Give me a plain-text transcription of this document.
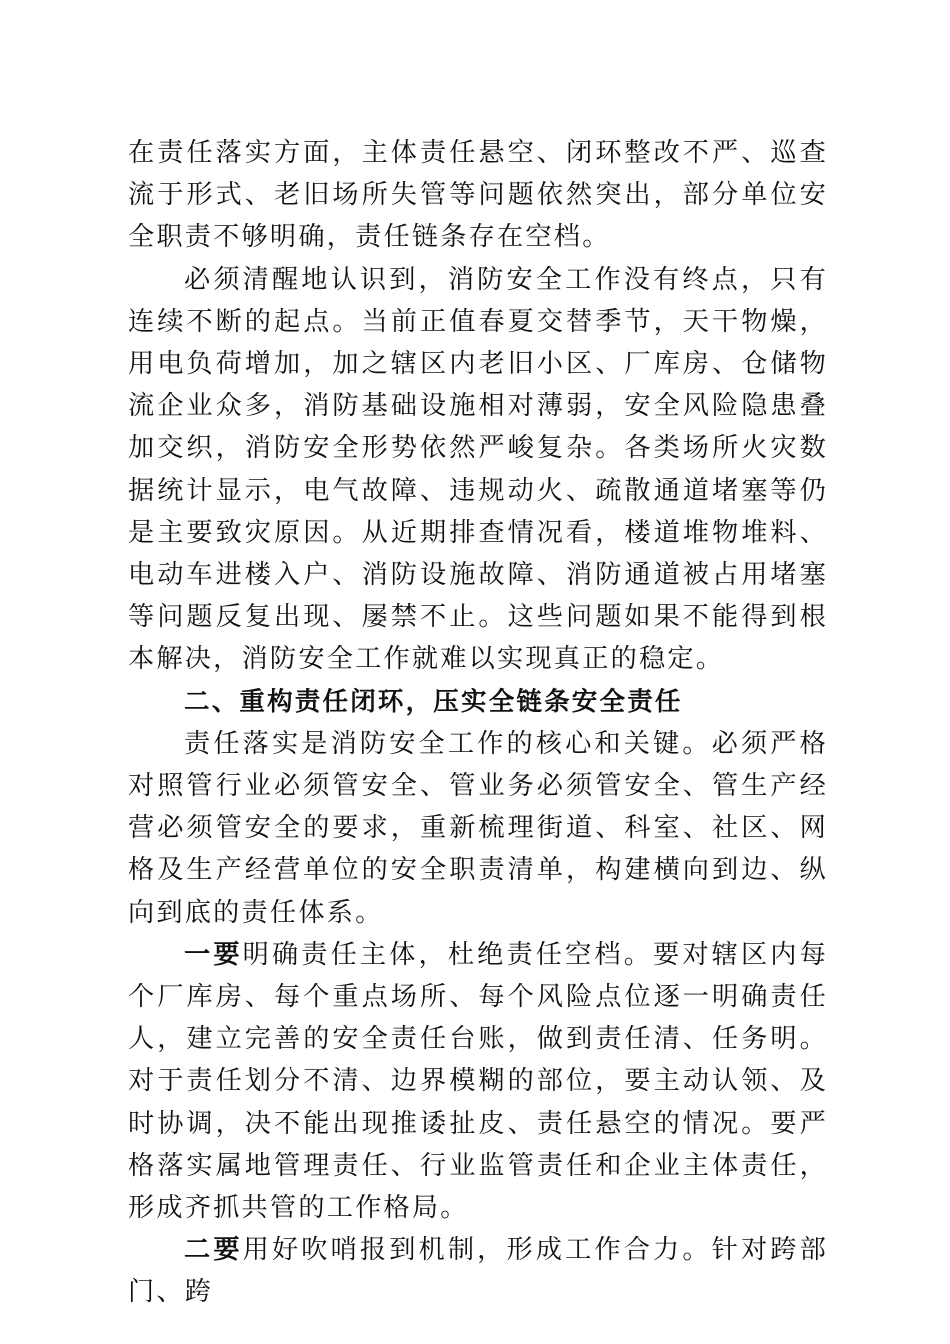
在责任落实方面，主体责任悬空、闭环整改不严、巡查流于形式、老旧场所失管等问题依然突出，部分单位安全职责不够明确，责任链条存在空档。

必须清醒地认识到，消防安全工作没有终点，只有连续不断的起点。当前正值春夏交替季节，天干物燥，用电负荷增加，加之辖区内老旧小区、厂库房、仓储物流企业众多，消防基础设施相对薄弱，安全风险隐患叠加交织，消防安全形势依然严峻复杂。各类场所火灾数据统计显示，电气故障、违规动火、疏散通道堵塞等仍是主要致灾原因。从近期排查情况看，楼道堆物堆料、电动车进楼入户、消防设施故障、消防通道被占用堵塞等问题反复出现、屡禁不止。这些问题如果不能得到根本解决，消防安全工作就难以实现真正的稳定。

二、重构责任闭环，压实全链条安全责任

责任落实是消防安全工作的核心和关键。必须严格对照管行业必须管安全、管业务必须管安全、管生产经营必须管安全的要求，重新梳理街道、科室、社区、网格及生产经营单位的安全职责清单，构建横向到边、纵向到底的责任体系。

一要明确责任主体，杜绝责任空档。要对辖区内每个厂库房、每个重点场所、每个风险点位逐一明确责任人，建立完善的安全责任台账，做到责任清、任务明。对于责任划分不清、边界模糊的部位，要主动认领、及时协调，决不能出现推诿扯皮、责任悬空的情况。要严格落实属地管理责任、行业监管责任和企业主体责任，形成齐抓共管的工作格局。

二要用好吹哨报到机制，形成工作合力。针对跨部门、跨
